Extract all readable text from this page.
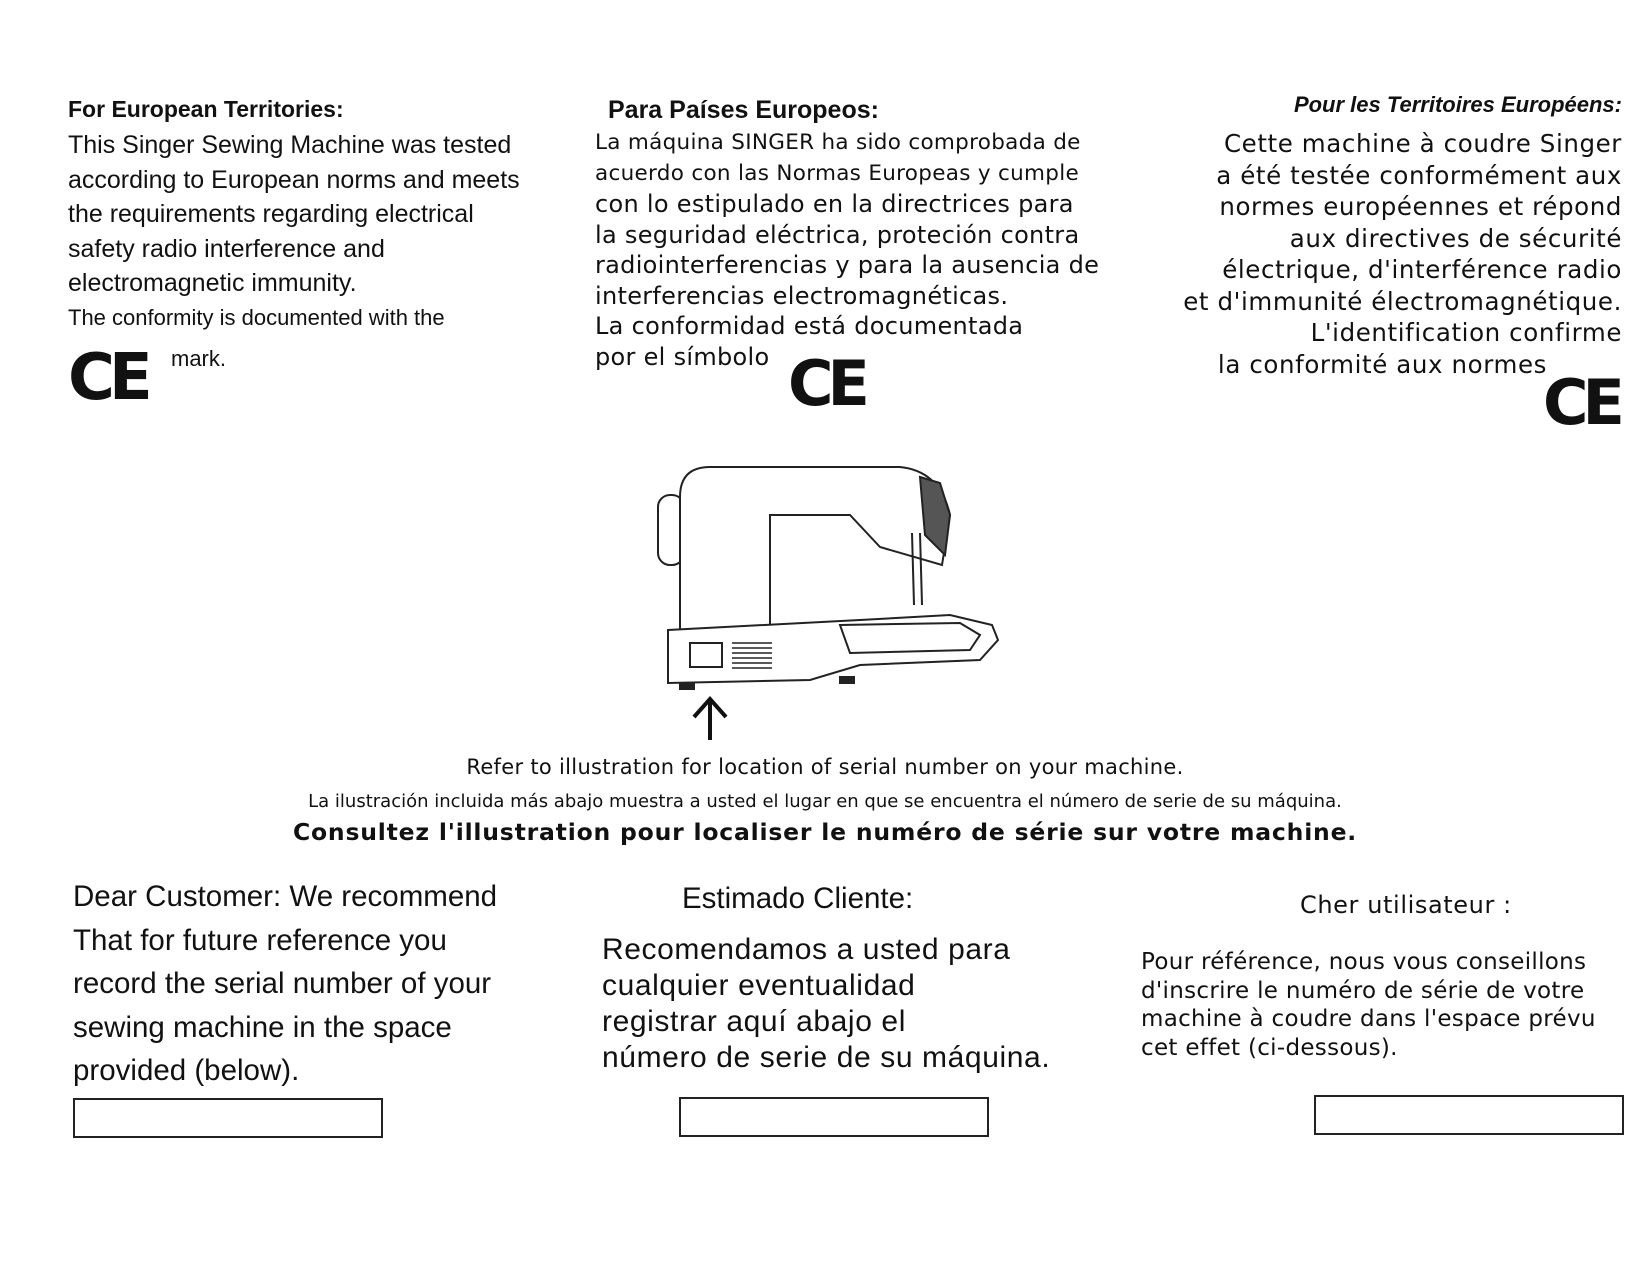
For European Territories:
This Singer Sewing Machine was tested
according to European norms and meets
the requirements regarding electrical
safety radio interference and
electromagnetic immunity.
The conformity is documented with the
CE mark.
Para Países Europeos:
La máquina SINGER ha sido comprobada de
acuerdo con las Normas Europeas y cumple
con lo estipulado en la directrices para
la seguridad eléctrica, proteción contra
radiointerferencias y para la ausencia de
interferencias electromagnéticas.
La conformidad está documentada
por el símbolo CE
Pour les Territoires Européens:
Cette machine à coudre Singer
a été testée conformément aux
normes européennes et répond
aux directives de sécurité
électrique, d'interférence radio
et d'immunité électromagnétique.
L'identification confirme
la conformité aux normes
CE
Refer to illustration for location of serial number on your machine.
La ilustración incluida más abajo muestra a usted el lugar en que se encuentra el número de serie de su máquina.
Consultez l'illustration pour localiser le numéro de série sur votre machine.
Dear Customer: We recommend
That for future reference you
record the serial number of your
sewing machine in the space
provided (below).
Estimado Cliente:
Recomendamos a usted para
cualquier eventualidad
registrar aquí abajo el
número de serie de su máquina.
Cher utilisateur :
Pour référence, nous vous conseillons
d'inscrire le numéro de série de votre
machine à coudre dans l'espace prévu
cet effet (ci-dessous).
